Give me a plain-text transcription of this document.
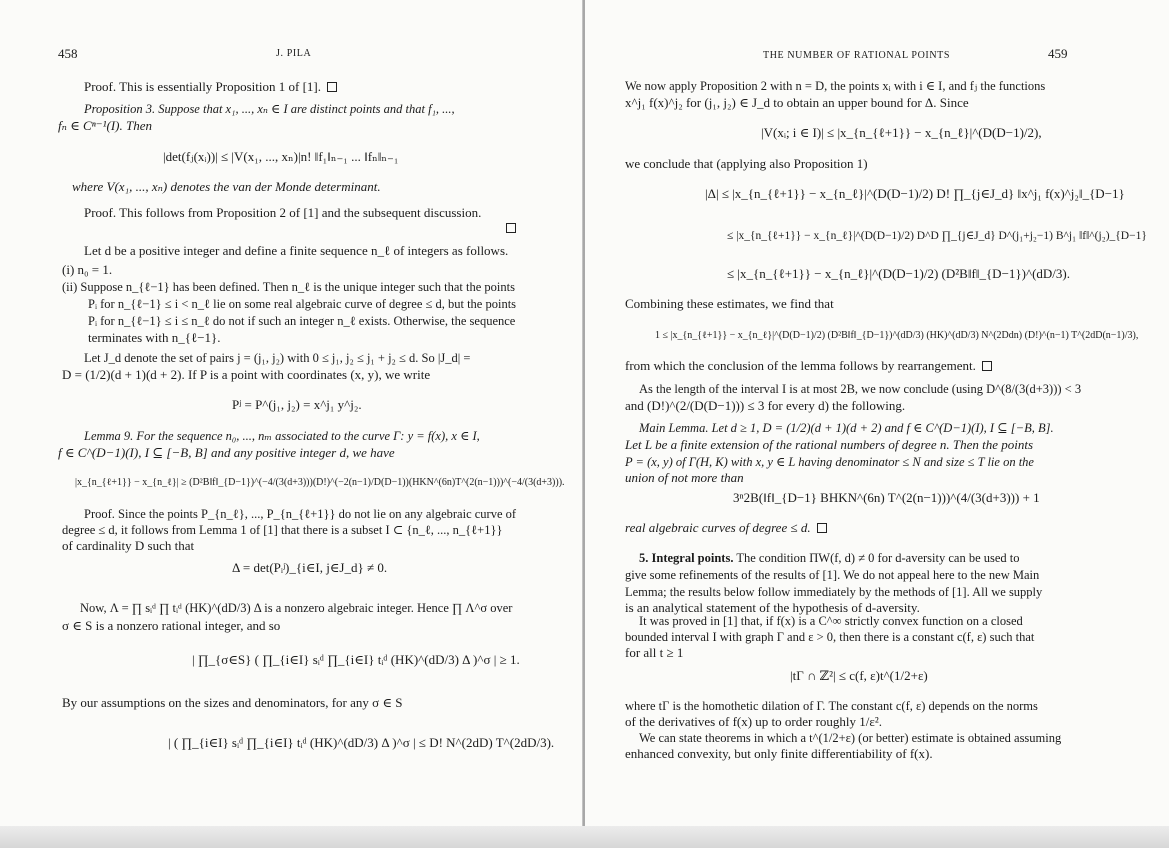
458	J. PILA
Proof. This is essentially Proposition 1 of [1].
Proposition 3. Suppose that x₁, ..., xₙ ∈ I are distinct points and that f₁, ...,
fₙ ∈ Cⁿ⁻¹(I). Then
|det(fⱼ(xᵢ))| ≤ |V(x₁, ..., xₙ)|n! ‖f₁‖ₙ₋₁ ... ‖fₙ‖ₙ₋₁
where V(x₁, ..., xₙ) denotes the van der Monde determinant.
Proof. This follows from Proposition 2 of [1] and the subsequent discussion.
Let d be a positive integer and define a finite sequence n_ℓ of integers as follows.
(i) n₀ = 1.
(ii) Suppose n_{ℓ−1} has been defined. Then n_ℓ is the unique integer such that the points
Pᵢ for n_{ℓ−1} ≤ i < n_ℓ lie on some real algebraic curve of degree ≤ d, but the points
Pᵢ for n_{ℓ−1} ≤ i ≤ n_ℓ do not if such an integer n_ℓ exists. Otherwise, the sequence
terminates with n_{ℓ−1}.
Let J_d denote the set of pairs j = (j₁, j₂) with 0 ≤ j₁, j₂ ≤ j₁ + j₂ ≤ d. So |J_d| =
D = (1/2)(d + 1)(d + 2). If P is a point with coordinates (x, y), we write
Pʲ = P^(j₁, j₂) = x^j₁ y^j₂.
Lemma 9. For the sequence n₀, ..., nₘ associated to the curve Γ: y = f(x), x ∈ I,
f ∈ C^(D−1)(I), I ⊆ [−B, B] and any positive integer d, we have
|x_{n_{ℓ+1}} − x_{n_ℓ}| ≥ (D²B‖f‖_{D−1})^(−4/(3(d+3)))(D!)^(−2(n−1)/D(D−1))(HKN^(6n)T^(2(n−1)))^(−4/(3(d+3))).
Proof. Since the points P_{n_ℓ}, ..., P_{n_{ℓ+1}} do not lie on any algebraic curve of
degree ≤ d, it follows from Lemma 1 of [1] that there is a subset I ⊂ {n_ℓ, ..., n_{ℓ+1}}
of cardinality D such that
Δ = det(Pᵢʲ)_{i∈I, j∈J_d} ≠ 0.
Now, Λ = ∏ sᵢᵈ ∏ tᵢᵈ (HK)^(dD/3) Δ is a nonzero algebraic integer. Hence ∏ Λ^σ over
σ ∈ S is a nonzero rational integer, and so
| ∏_{σ∈S} ( ∏_{i∈I} sᵢᵈ ∏_{i∈I} tᵢᵈ (HK)^(dD/3) Δ )^σ | ≥ 1.
By our assumptions on the sizes and denominators, for any σ ∈ S
| ( ∏_{i∈I} sᵢᵈ ∏_{i∈I} tᵢᵈ (HK)^(dD/3) Δ )^σ | ≤ D! N^(2dD) T^(2dD/3).
THE NUMBER OF RATIONAL POINTS	459
We now apply Proposition 2 with n = D, the points xᵢ with i ∈ I, and fⱼ the functions
x^j₁ f(x)^j₂ for (j₁, j₂) ∈ J_d to obtain an upper bound for Δ. Since
|V(xᵢ; i ∈ I)| ≤ |x_{n_{ℓ+1}} − x_{n_ℓ}|^(D(D−1)/2),
we conclude that (applying also Proposition 1)
|Δ| ≤ |x_{n_{ℓ+1}} − x_{n_ℓ}|^(D(D−1)/2) D! ∏_{j∈J_d} ‖x^j₁ f(x)^j₂‖_{D−1}
≤ |x_{n_{ℓ+1}} − x_{n_ℓ}|^(D(D−1)/2) D^D ∏_{j∈J_d} D^(j₁+j₂−1) B^j₁ ‖f‖^(j₂)_{D−1}
≤ |x_{n_{ℓ+1}} − x_{n_ℓ}|^(D(D−1)/2) (D²B‖f‖_{D−1})^(dD/3).
Combining these estimates, we find that
1 ≤ |x_{n_{ℓ+1}} − x_{n_ℓ}|^(D(D−1)/2) (D²B‖f‖_{D−1})^(dD/3) (HK)^(dD/3) N^(2Ddn) (D!)^(n−1) T^(2dD(n−1)/3),
from which the conclusion of the lemma follows by rearrangement.
As the length of the interval I is at most 2B, we now conclude (using D^(8/(3(d+3))) < 3
and (D!)^(2/(D(D−1))) ≤ 3 for every d) the following.
Main Lemma. Let d ≥ 1, D = (1/2)(d + 1)(d + 2) and f ∈ C^(D−1)(I), I ⊆ [−B, B].
Let L be a finite extension of the rational numbers of degree n. Then the points
P = (x, y) of Γ(H, K) with x, y ∈ L having denominator ≤ N and size ≤ T lie on the
union of not more than
3ⁿ2B(‖f‖_{D−1} BHKN^(6n) T^(2(n−1)))^(4/(3(d+3))) + 1
real algebraic curves of degree ≤ d.
5. Integral points. The condition ΠW(f, d) ≠ 0 for d-aversity can be used to
give some refinements of the results of [1]. We do not appeal here to the new Main
Lemma; the results below follow immediately by the methods of [1]. All we supply
is an analytical statement of the hypothesis of d-aversity.
It was proved in [1] that, if f(x) is a C^∞ strictly convex function on a closed
bounded interval I with graph Γ and ε > 0, then there is a constant c(f, ε) such that
for all t ≥ 1
|tΓ ∩ ℤ²| ≤ c(f, ε)t^(1/2+ε)
where tΓ is the homothetic dilation of Γ. The constant c(f, ε) depends on the norms
of the derivatives of f(x) up to order roughly 1/ε².
We can state theorems in which a t^(1/2+ε) (or better) estimate is obtained assuming
enhanced convexity, but only finite differentiability of f(x).
